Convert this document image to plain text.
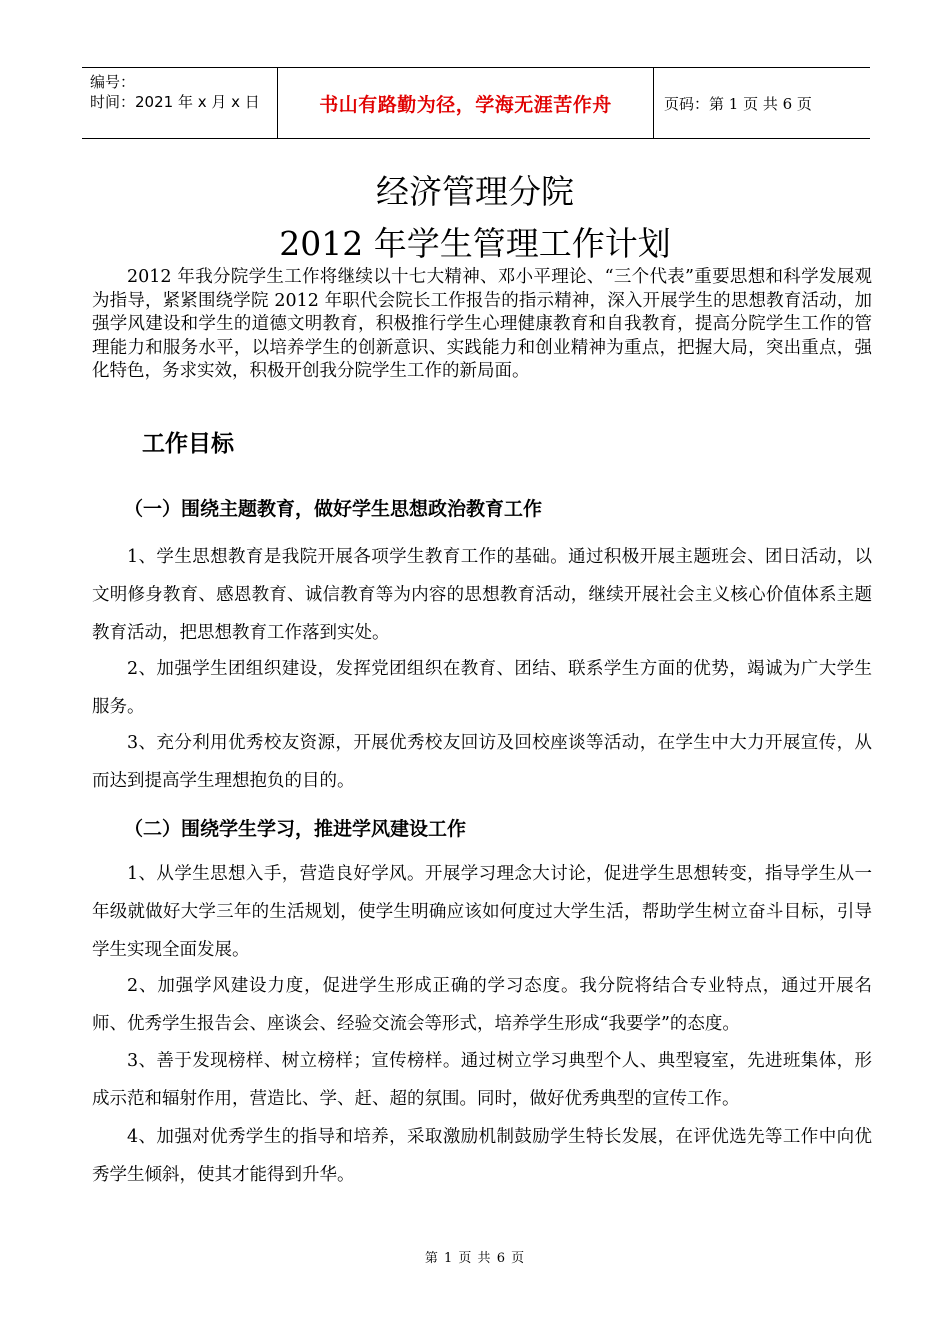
编号：
时间：2021 年 x 月 x 日	书山有路勤为径，学海无涯苦作舟	页码：第 1 页 共 6 页
经济管理分院
2012 年学生管理工作计划

2012 年我分院学生工作将继续以十七大精神、邓小平理论、“三个代表”重要思想和科学发展观为指导，紧紧围绕学院 2012 年职代会院长工作报告的指示精神，深入开展学生的思想教育活动，加强学风建设和学生的道德文明教育，积极推行学生心理健康教育和自我教育，提高分院学生工作的管理能力和服务水平，以培养学生的创新意识、实践能力和创业精神为重点，把握大局，突出重点，强化特色，务求实效，积极开创我分院学生工作的新局面。

工作目标
（一）围绕主题教育，做好学生思想政治教育工作

1、学生思想教育是我院开展各项学生教育工作的基础。通过积极开展主题班会、团日活动，以文明修身教育、感恩教育、诚信教育等为内容的思想教育活动，继续开展社会主义核心价值体系主题教育活动，把思想教育工作落到实处。

2、加强学生团组织建设，发挥党团组织在教育、团结、联系学生方面的优势，竭诚为广大学生服务。

3、充分利用优秀校友资源，开展优秀校友回访及回校座谈等活动，在学生中大力开展宣传，从而达到提高学生理想抱负的目的。

（二）围绕学生学习，推进学风建设工作

1、从学生思想入手，营造良好学风。开展学习理念大讨论，促进学生思想转变，指导学生从一年级就做好大学三年的生活规划，使学生明确应该如何度过大学生活，帮助学生树立奋斗目标，引导学生实现全面发展。

2、加强学风建设力度，促进学生形成正确的学习态度。我分院将结合专业特点，通过开展名师、优秀学生报告会、座谈会、经验交流会等形式，培养学生形成“我要学”的态度。

3、善于发现榜样、树立榜样；宣传榜样。通过树立学习典型个人、典型寝室，先进班集体，形成示范和辐射作用，营造比、学、赶、超的氛围。同时，做好优秀典型的宣传工作。

4、加强对优秀学生的指导和培养，采取激励机制鼓励学生特长发展，在评优选先等工作中向优秀学生倾斜，使其才能得到升华。

第 1 页 共 6 页
